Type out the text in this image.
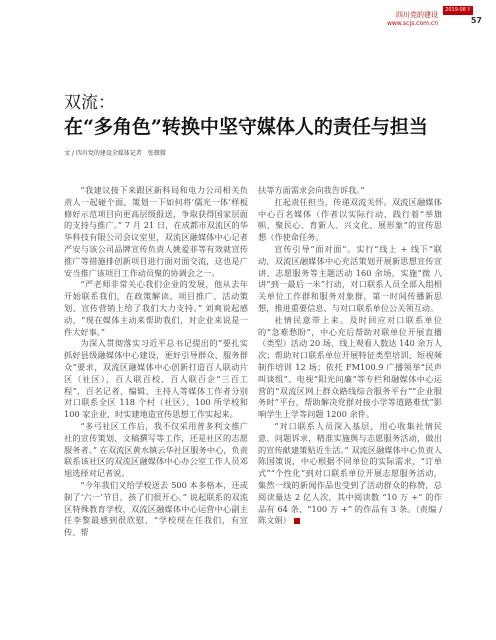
四川党的建设
www.scjs.com.cn
2019·08下
57
双流：
在“多角色”转换中坚守媒体人的责任与担当
文 / 四川党的建设全媒体记者　张微微

“我建议接下来跟区新科局和电力公司相关负责人一起碰个面，策划一下如何将‘儒光一体’样板修好示范项目向更高层级报送，争取获得国家层面的支持与推广。” 7 月 21 日，在成都市双流区的华华科技有限公司会议室里，双流区融媒体中心记者严安与该公司品牌宣传负责人姚爱菲等有效就宣传推广等措施排创新项目进行面对面交流，这也是广安当推广该项目工作动员聚的协调会之一。

“严老师非常关心我们企业的发展，他从去年开始联系我们，在政策解读、项目推广、活动策划、宣传营销上给了我们大力支持。” 刘爽说起感动，“现在媒体主动来帮助我们，对企业来说是一件大好事。”

为深入贯彻落实习近平总书记提出的“要扎实抓好县级融媒体中心建设，更好引导群众、服务群众”要求，双流区融媒体中心创新打造百人联动片区（社区），百人联百校、百人联百企“三百工程”，百名记者、编辑、主持人等媒体工作者分别对口联系全区 118 个村（社区）、100 所学校和 100 家企业，时实建地造宣传思想工作实起来。

“多弓社区工作后，我不仅采用普多利文推广社的宣传策划、文稿撰写等工作，还是社区的志愿服务者。” 在双流区黄水镇云华社区服务中心，负责联系该社区的双流区融媒体中心办公室工作人员邓旭选择对记者说。

“今年我们又给学校送去 500 本多格本，还或制了‘六一’节目，孩了们很开心。” 说起联系的双流区特殊教育学校，双流区融媒体中心运营中心副主任李黎最感到很欣慰，“学校现在任我们，有宣传、帮

扶等方面需求会向我告诉我。”

扛起责任担当，传递双流关怀。双流区融媒体中心百名媒体（作者以实际行动，践行着“举旗帜、聚民心、育新人、兴文化、展形象”的宣传思想（作使命任务。

宣传引导“面对面”。实行“线上 + 线下”联动，双流区融媒体中心充活策划开展新思想宣传宣讲、志愿服务等主题活动 160 余场，实施“微 八讲”到一最后一米”行动，对口联系人员全部入组相关单位工作群和服务对象群，第一时间传播新思想，推进重要信息、与对口联系单位公关领互动。

社情民意带上来。及时回应对口联系单位的“急难愁盼”，中心充后帮助对联单位开展直播（类型）活动 20 场，线上观看人数达 140 余万人次；帮助对口联系单位开展特征类型培训、短视频制作培训 12 场；依托 FM100.9 广播领举“民声叫谈组”、电视“阳光问廉”等专栏和融媒体中心运营的“双流区网上群众路线综合服务平台”“企业服务时”平台，帮助解决党群对接小学等道路难忧”影响学生上学等问题 1200 余件。

“对口联系人员深入基层，用心收集社情民意、问题诉求，精准实施舆与志愿服务活动，做出的宣传献建策贴近生活。” 双流区融媒体中心负责人陈国策说，中心根据不同单位的实际需求，“订单式”“个性化”到对口联系单位开展志愿服务活动，集然一线的新闻作品也受到了活动群众的称赞，总阅读量达 2 亿人次，其中阅读数 “10 万 +” 的作品有 64 条、“100 万 +” 的作品有 3 条。（责编 / 陈文娟）
